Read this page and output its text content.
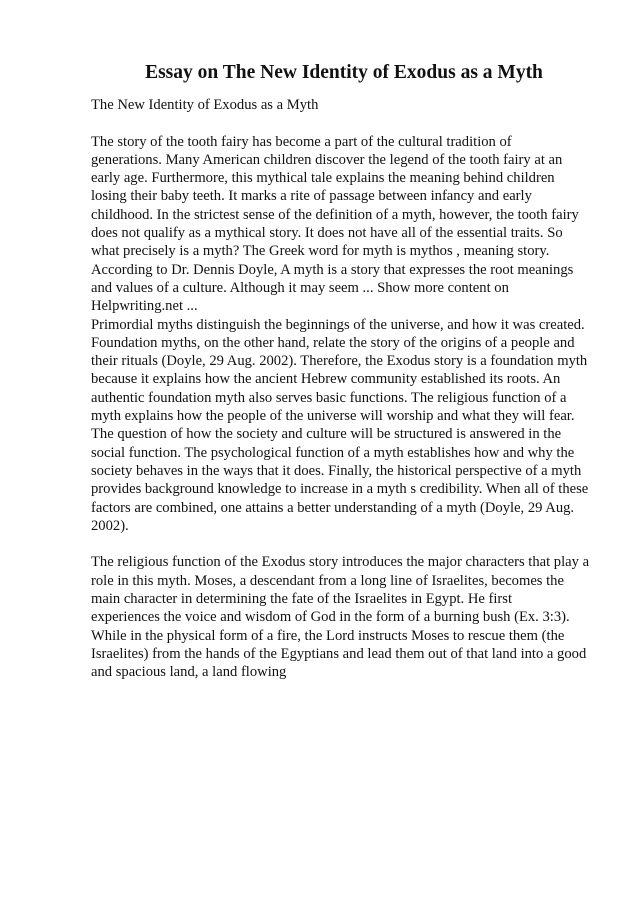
Essay on The New Identity of Exodus as a Myth

The New Identity of Exodus as a Myth

The story of the tooth fairy has become a part of the cultural tradition of
generations. Many American children discover the legend of the tooth fairy at an
early age. Furthermore, this mythical tale explains the meaning behind children
losing their baby teeth. It marks a rite of passage between infancy and early
childhood. In the strictest sense of the definition of a myth, however, the tooth fairy
does not qualify as a mythical story. It does not have all of the essential traits. So
what precisely is a myth? The Greek word for myth is mythos , meaning story.
According to Dr. Dennis Doyle, A myth is a story that expresses the root meanings
and values of a culture. Although it may seem ... Show more content on
Helpwriting.net ...

Primordial myths distinguish the beginnings of the universe, and how it was created.
Foundation myths, on the other hand, relate the story of the origins of a people and
their rituals (Doyle, 29 Aug. 2002). Therefore, the Exodus story is a foundation myth
because it explains how the ancient Hebrew community established its roots. An
authentic foundation myth also serves basic functions. The religious function of a
myth explains how the people of the universe will worship and what they will fear.
The question of how the society and culture will be structured is answered in the
social function. The psychological function of a myth establishes how and why the
society behaves in the ways that it does. Finally, the historical perspective of a myth
provides background knowledge to increase in a myth s credibility. When all of these
factors are combined, one attains a better understanding of a myth (Doyle, 29 Aug.
2002).

The religious function of the Exodus story introduces the major characters that play a
role in this myth. Moses, a descendant from a long line of Israelites, becomes the
main character in determining the fate of the Israelites in Egypt. He first
experiences the voice and wisdom of God in the form of a burning bush (Ex. 3:3).
While in the physical form of a fire, the Lord instructs Moses to rescue them (the
Israelites) from the hands of the Egyptians and lead them out of that land into a good
and spacious land, a land flowing
